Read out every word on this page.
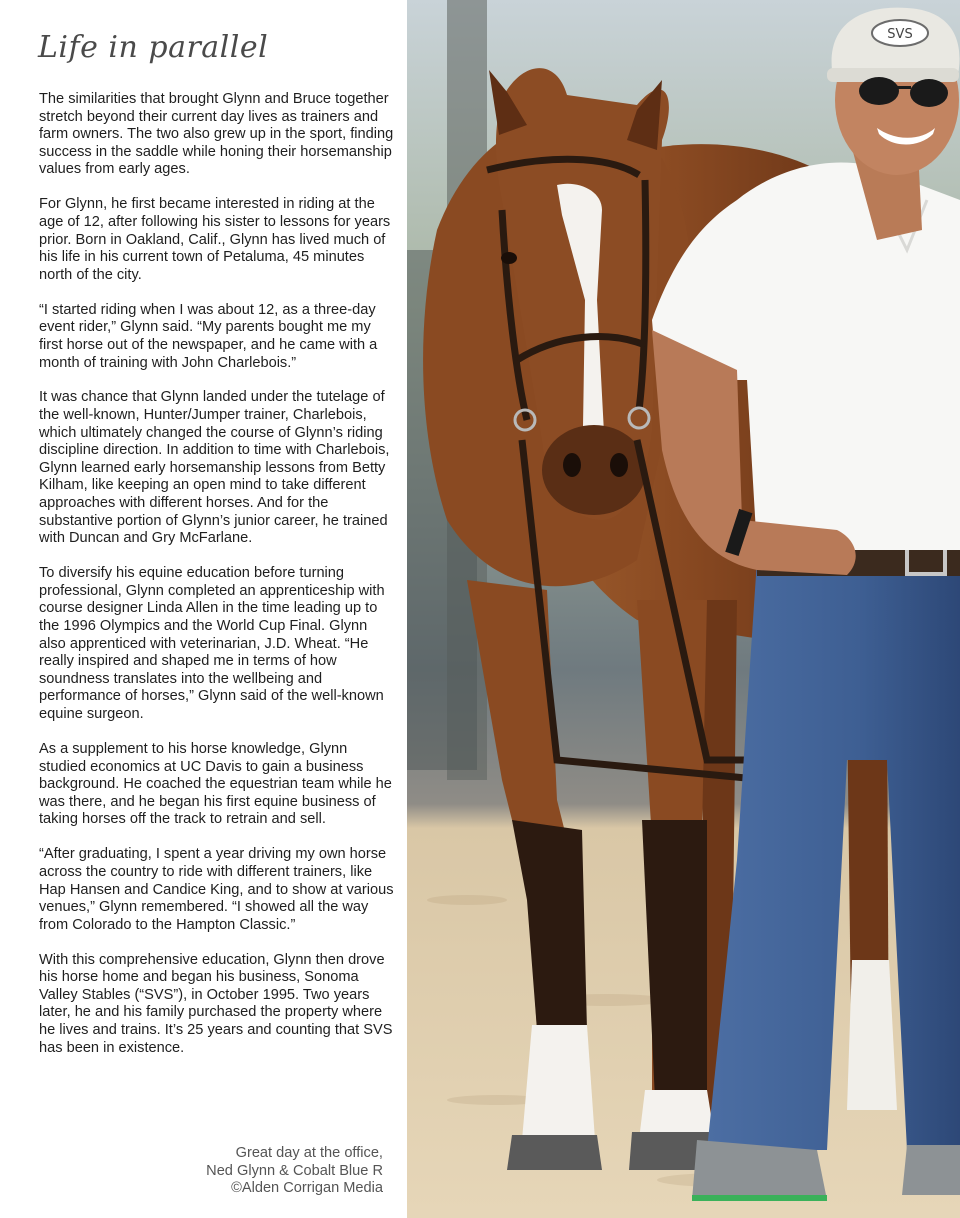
Life in parallel

The similarities that brought Glynn and Bruce together stretch beyond their current day lives as trainers and farm owners. The two also grew up in the sport, finding success in the saddle while honing their horsemanship values from early ages.

For Glynn, he first became interested in riding at the age of 12, after following his sister to lessons for years prior. Born in Oakland, Calif., Glynn has lived much of his life in his current town of Petaluma, 45 minutes north of the city.

“I started riding when I was about 12, as a three-day event rider,” Glynn said. “My parents bought me my first horse out of the newspaper, and he came with a month of training with John Charlebois.”

It was chance that Glynn landed under the tutelage of the well-known, Hunter/Jumper trainer, Charlebois, which ultimately changed the course of Glynn’s riding discipline direction. In addition to time with Charlebois, Glynn learned early horsemanship lessons from Betty Kilham, like keeping an open mind to take different approaches with different horses. And for the substantive portion of Glynn’s junior career, he trained with Duncan and Gry McFarlane.

To diversify his equine education before turning professional, Glynn completed an apprenticeship with course designer Linda Allen in the time leading up to the 1996 Olympics and the World Cup Final. Glynn also apprenticed with veterinarian, J.D. Wheat. “He really inspired and shaped me in terms of how soundness translates into the wellbeing and performance of horses,” Glynn said of the well-known equine surgeon.

As a supplement to his horse knowledge, Glynn studied economics at UC Davis to gain a business background. He coached the equestrian team while he was there, and he began his first equine business of taking horses off the track to retrain and sell.

“After graduating, I spent a year driving my own horse across the country to ride with different trainers, like Hap Hansen and Candice King, and to show at various venues,” Glynn remembered. “I showed all the way from Colorado to the Hampton Classic.”

With this comprehensive education, Glynn then drove his horse home and began his business, Sonoma Valley Stables (“SVS”), in October 1995. Two years later, he and his family purchased the property where he lives and trains. It’s 25 years and counting that SVS has been in existence.

Great day at the office,
Ned Glynn & Cobalt Blue R
©Alden Corrigan Media
SVS
